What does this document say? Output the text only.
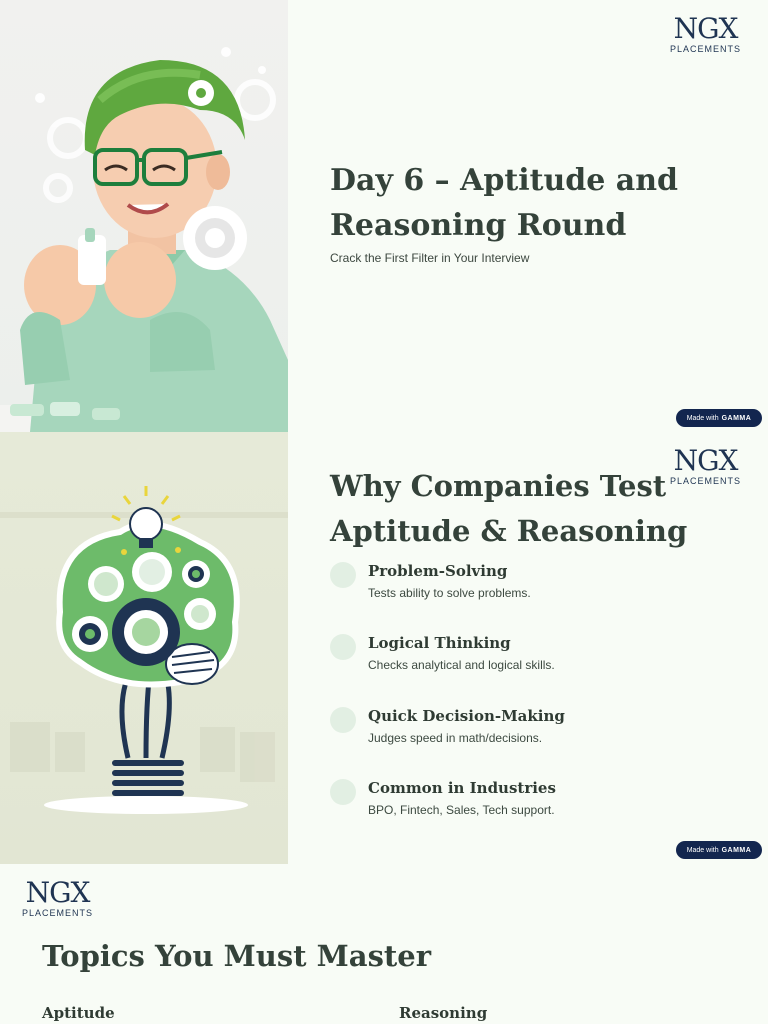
NGX
PLACEMENTS
Day 6 – Aptitude and
Reasoning Round

Crack the First Filter in Your Interview

Made with GAMMA
NGX
PLACEMENTS
Why Companies Test
Aptitude & Reasoning
Problem-Solving
Tests ability to solve problems.
Logical Thinking
Checks analytical and logical skills.
Quick Decision-Making
Judges speed in math/decisions.
Common in Industries
BPO, Fintech, Sales, Tech support.
Made with GAMMA
NGX
PLACEMENTS
Topics You Must Master
Aptitude	Reasoning
